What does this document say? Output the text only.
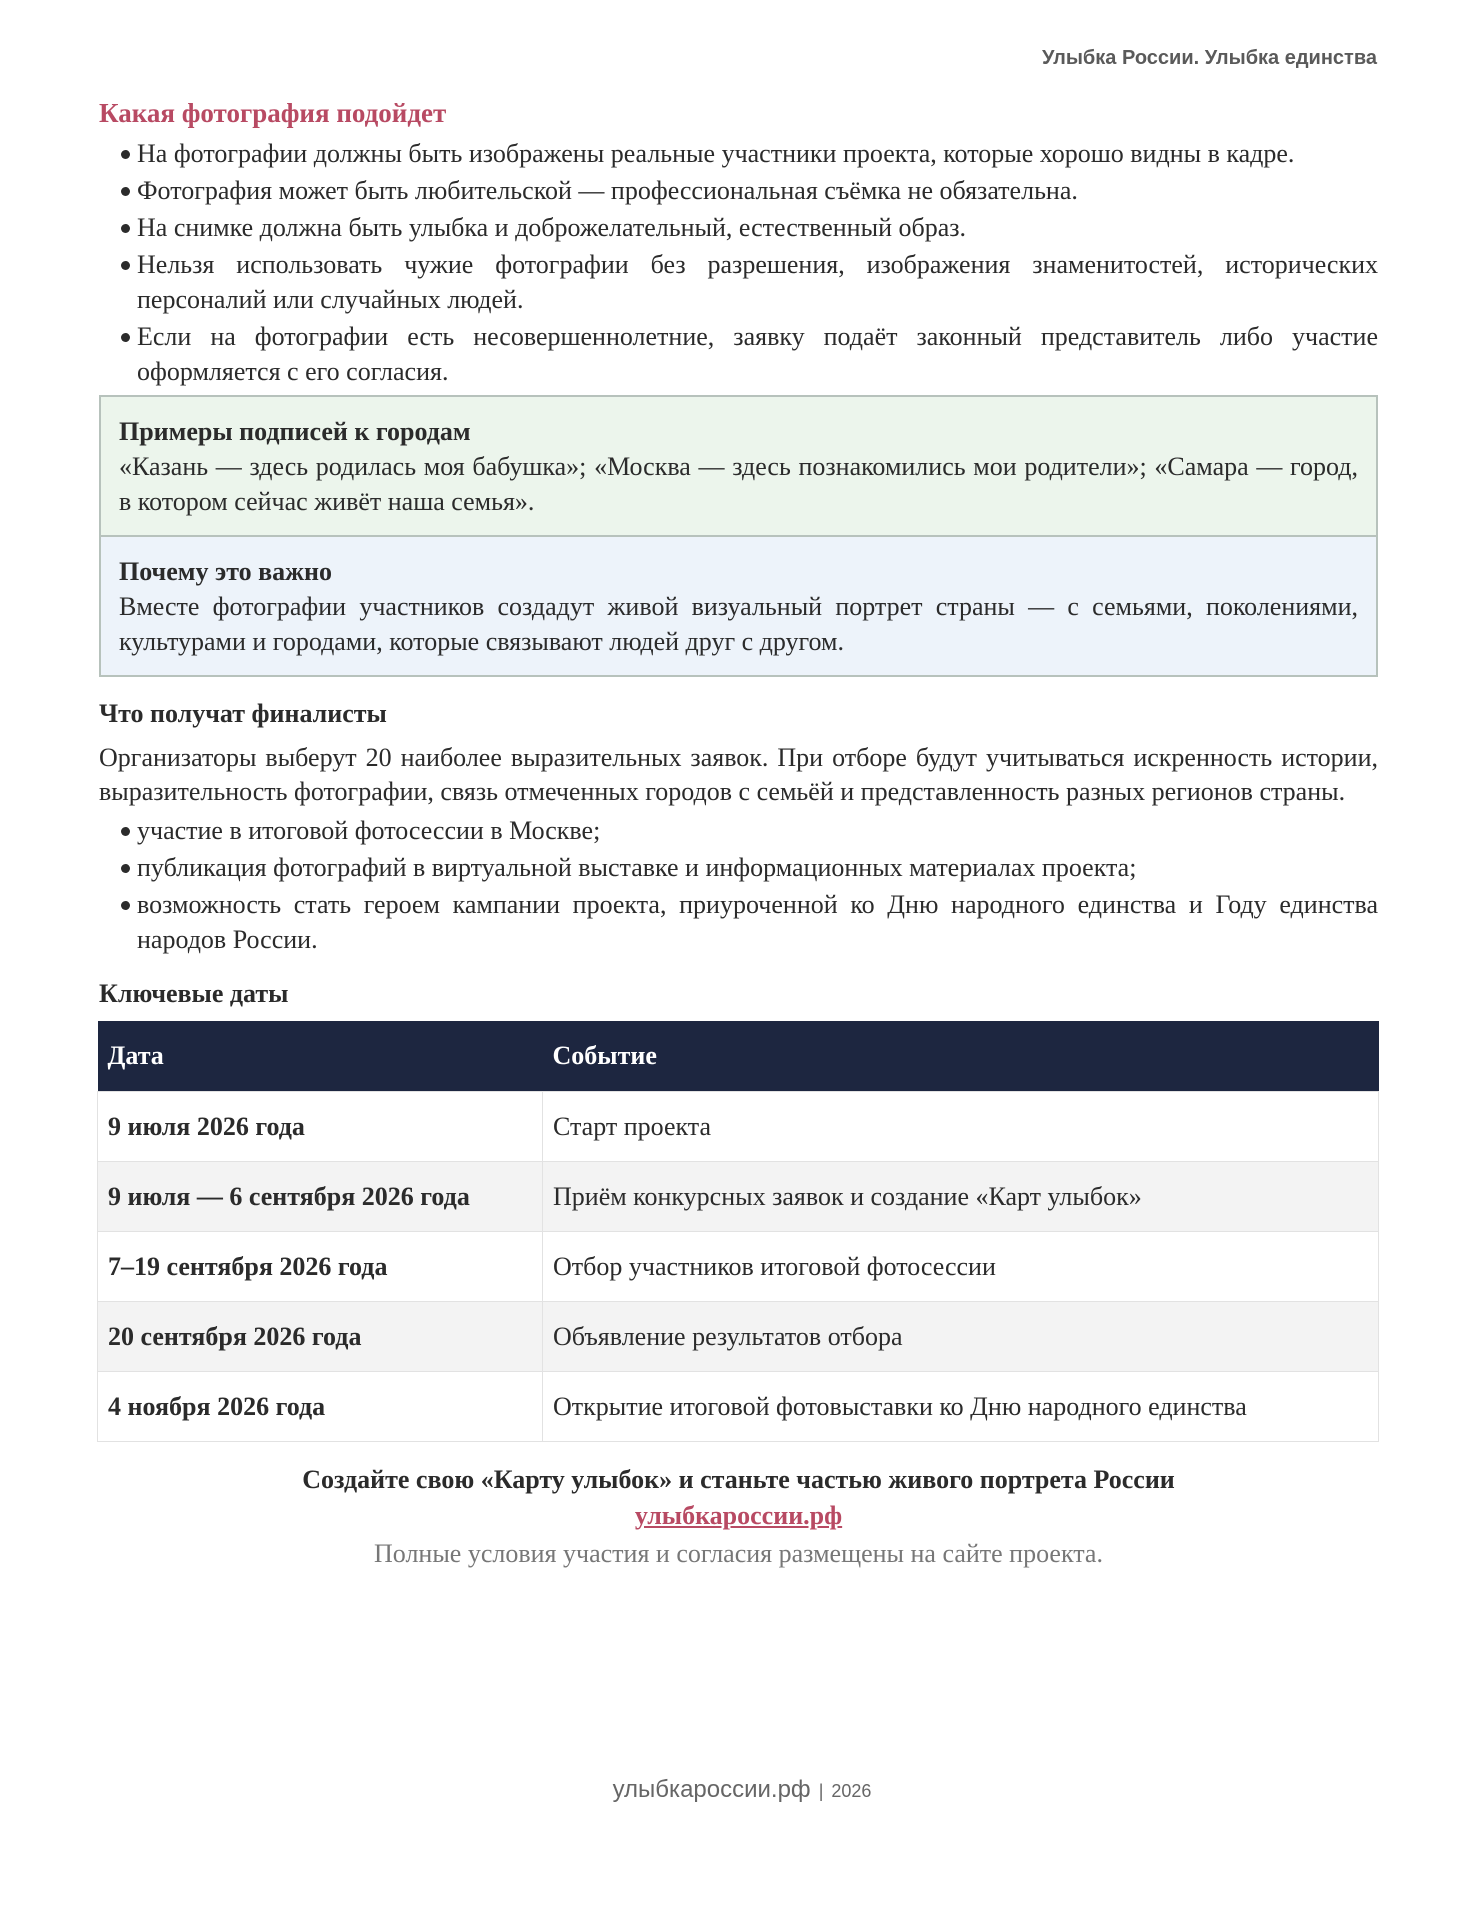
Улыбка России. Улыбка единства
Какая фотография подойдет
На фотографии должны быть изображены реальные участники проекта, которые хорошо видны в кадре.
Фотография может быть любительской — профессиональная съёмка не обязательна.
На снимке должна быть улыбка и доброжелательный, естественный образ.
Нельзя использовать чужие фотографии без разрешения, изображения знаменитостей, исторических персоналий или случайных людей.
Если на фотографии есть несовершеннолетние, заявку подаёт законный представитель либо участие оформляется с его согласия.
Примеры подписей к городам
«Казань — здесь родилась моя бабушка»; «Москва — здесь познакомились мои родители»; «Самара — город, в котором сейчас живёт наша семья».
Почему это важно
Вместе фотографии участников создадут живой визуальный портрет страны — с семьями, поколениями, культурами и городами, которые связывают людей друг с другом.
Что получат финалисты
Организаторы выберут 20 наиболее выразительных заявок. При отборе будут учитываться искренность истории, выразительность фотографии, связь отмеченных городов с семьёй и представленность разных регионов страны.
участие в итоговой фотосессии в Москве;
публикация фотографий в виртуальной выставке и информационных материалах проекта;
возможность стать героем кампании проекта, приуроченной ко Дню народного единства и Году единства народов России.
Ключевые даты
Дата	Событие
9 июля 2026 года	Старт проекта
9 июля — 6 сентября 2026 года	Приём конкурсных заявок и создание «Карт улыбок»
7–19 сентября 2026 года	Отбор участников итоговой фотосессии
20 сентября 2026 года	Объявление результатов отбора
4 ноября 2026 года	Открытие итоговой фотовыставки ко Дню народного единства
Создайте свою «Карту улыбок» и станьте частью живого портрета России
улыбкароссии.рф
Полные условия участия и согласия размещены на сайте проекта.
улыбкароссии.рф | 2026
